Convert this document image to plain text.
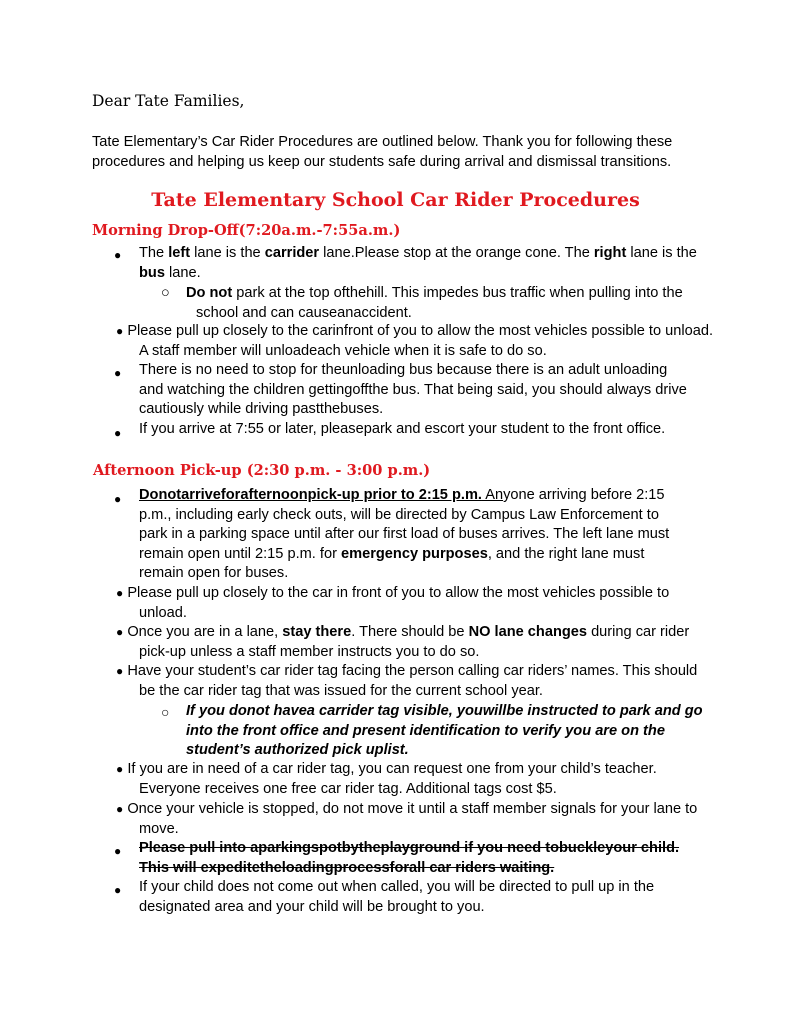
Dear Tate Families,
Tate Elementary’s Car Rider Procedures are outlined below. Thank you for following these procedures and helping us keep our students safe during arrival and dismissal transitions.
Tate Elementary School Car Rider Procedures
Morning Drop-Off(7:20a.m.-7:55a.m.)
●	The left lane is the carrider lane.Please stop at the orange cone. The right lane is the bus lane.
○	Do not park at the top ofthehill. This impedes bus traffic when pulling into the school and can causeanaccident.
● Please pull up closely to the carinfront of you to allow the most vehicles possible to unload. A staff member will unloadeach vehicle when it is safe to do so.
●	There is no need to stop for theunloading bus because there is an adult unloading and watching the children gettingoffthe bus. That being said, you should always drive cautiously while driving pastthebuses.
●	If you arrive at 7:55 or later, pleasepark and escort your student to the front office.
Afternoon Pick-up (2:30 p.m. - 3:00 p.m.)
●	Donotarriveforafternoonpick-up prior to 2:15 p.m. Anyone arriving before 2:15 p.m., including early check outs, will be directed by Campus Law Enforcement to park in a parking space until after our first load of buses arrives. The left lane must remain open until 2:15 p.m. for emergency purposes, and the right lane must remain open for buses.
● Please pull up closely to the car in front of you to allow the most vehicles possible to unload.
● Once you are in a lane, stay there. There should be NO lane changes during car rider pick-up unless a staff member instructs you to do so.
● Have your student’s car rider tag facing the person calling car riders’ names. This should be the car rider tag that was issued for the current school year.
○ If you donot havea carrider tag visible, youwillbe instructed to park and go into the front office and present identification to verify you are on the student’s authorized pick uplist.
● If you are in need of a car rider tag, you can request one from your child’s teacher. Everyone receives one free car rider tag. Additional tags cost $5.
● Once your vehicle is stopped, do not move it until a staff member signals for your lane to move.
●	Please pull into aparkingspotbytheplayground if you need tobuckleyour child. This will expeditetheloadingprocessforall car riders waiting.
●	If your child does not come out when called, you will be directed to pull up in the designated area and your child will be brought to you.
